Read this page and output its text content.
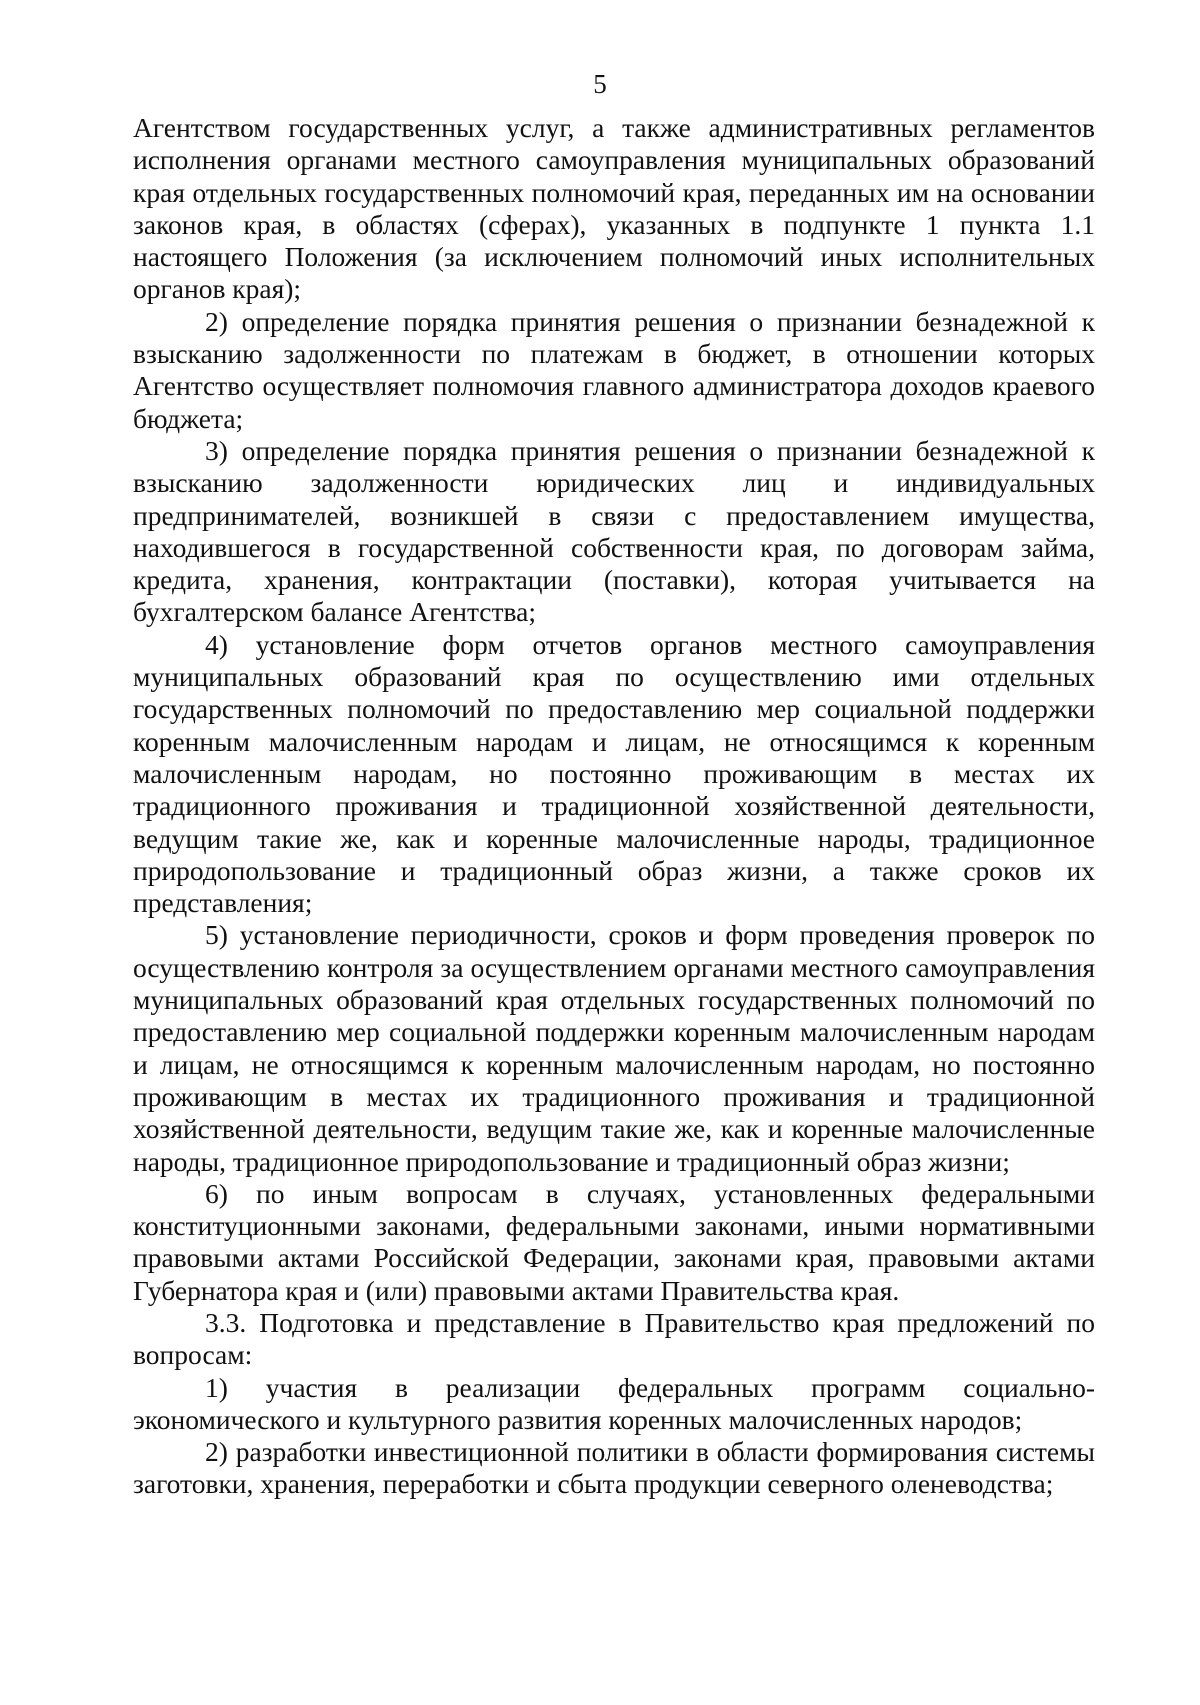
5

Агентством государственных услуг, а также административных регламентов исполнения органами местного самоуправления муниципальных образований края отдельных государственных полномочий края, переданных им на основании законов края, в областях (сферах), указанных в подпункте 1 пункта 1.1 настоящего Положения (за исключением полномочий иных исполнительных органов края);

2) определение порядка принятия решения о признании безнадежной к взысканию задолженности по платежам в бюджет, в отношении которых Агентство осуществляет полномочия главного администратора доходов краевого бюджета;

3) определение порядка принятия решения о признании безнадежной к взысканию задолженности юридических лиц и индивидуальных предпринимателей, возникшей в связи с предоставлением имущества, находившегося в государственной собственности края, по договорам займа, кредита, хранения, контрактации (поставки), которая учитывается на бухгалтерском балансе Агентства;

4) установление форм отчетов органов местного самоуправления муниципальных образований края по осуществлению ими отдельных государственных полномочий по предоставлению мер социальной поддержки коренным малочисленным народам и лицам, не относящимся к коренным малочисленным народам, но постоянно проживающим в местах их традиционного проживания и традиционной хозяйственной деятельности, ведущим такие же, как и коренные малочисленные народы, традиционное природопользование и традиционный образ жизни, а также сроков их представления;

5) установление периодичности, сроков и форм проведения проверок по осуществлению контроля за осуществлением органами местного самоуправления муниципальных образований края отдельных государственных полномочий по предоставлению мер социальной поддержки коренным малочисленным народам и лицам, не относящимся к коренным малочисленным народам, но постоянно проживающим в местах их традиционного проживания и традиционной хозяйственной деятельности, ведущим такие же, как и коренные малочисленные народы, традиционное природопользование и традиционный образ жизни;

6) по иным вопросам в случаях, установленных федеральными конституционными законами, федеральными законами, иными нормативными правовыми актами Российской Федерации, законами края, правовыми актами Губернатора края и (или) правовыми актами Правительства края.

3.3. Подготовка и представление в Правительство края предложений по вопросам:

1) участия в реализации федеральных программ социально-экономического и культурного развития коренных малочисленных народов;

2) разработки инвестиционной политики в области формирования системы заготовки, хранения, переработки и сбыта продукции северного оленеводства;
